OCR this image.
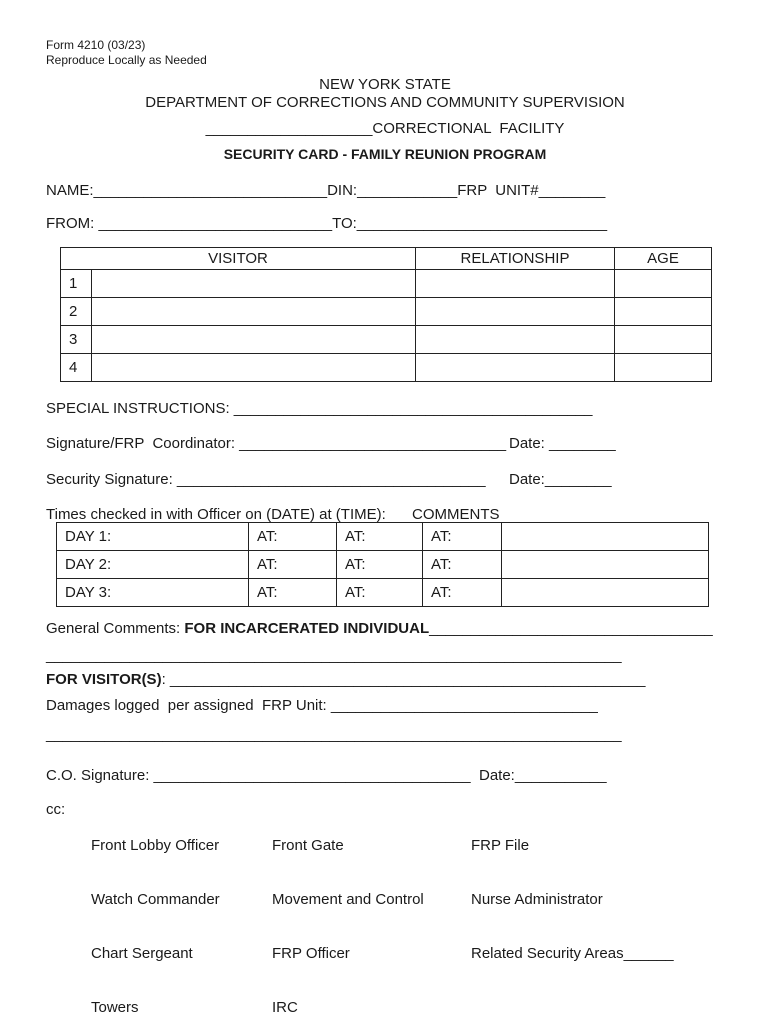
Form 4210 (03/23)
Reproduce Locally as Needed
NEW YORK STATE
DEPARTMENT OF CORRECTIONS AND COMMUNITY SUPERVISION
____________________CORRECTIONAL  FACILITY
SECURITY CARD - FAMILY REUNION PROGRAM
NAME:____________________________DIN:____________FRP  UNIT#________
FROM: ____________________________TO:______________________________
VISITOR		RELATIONSHIP	AGE
1			
2			
3			
4			
SPECIAL INSTRUCTIONS: ___________________________________________
Signature/FRP  Coordinator: ________________________________ Date: ________
Security Signature: _____________________________________ Date:________
Times checked in with Officer on (DATE) at (TIME): COMMENTS
DAY 1:	AT:	AT:	AT:	
DAY 2:	AT:	AT:	AT:	
DAY 3:	AT:	AT:	AT:	
General Comments: FOR INCARCERATED INDIVIDUAL__________________________________
_____________________________________________________________________
FOR VISITOR(S): _________________________________________________________
Damages logged  per assigned  FRP Unit: ________________________________
_____________________________________________________________________
C.O. Signature: ______________________________________ Date:___________
cc:

Front Lobby Officer

Watch Commander

Chart Sergeant

Towers

Front Gate

Movement and Control

FRP Officer

IRC

FRP File

Nurse Administrator

Related Security Areas______
